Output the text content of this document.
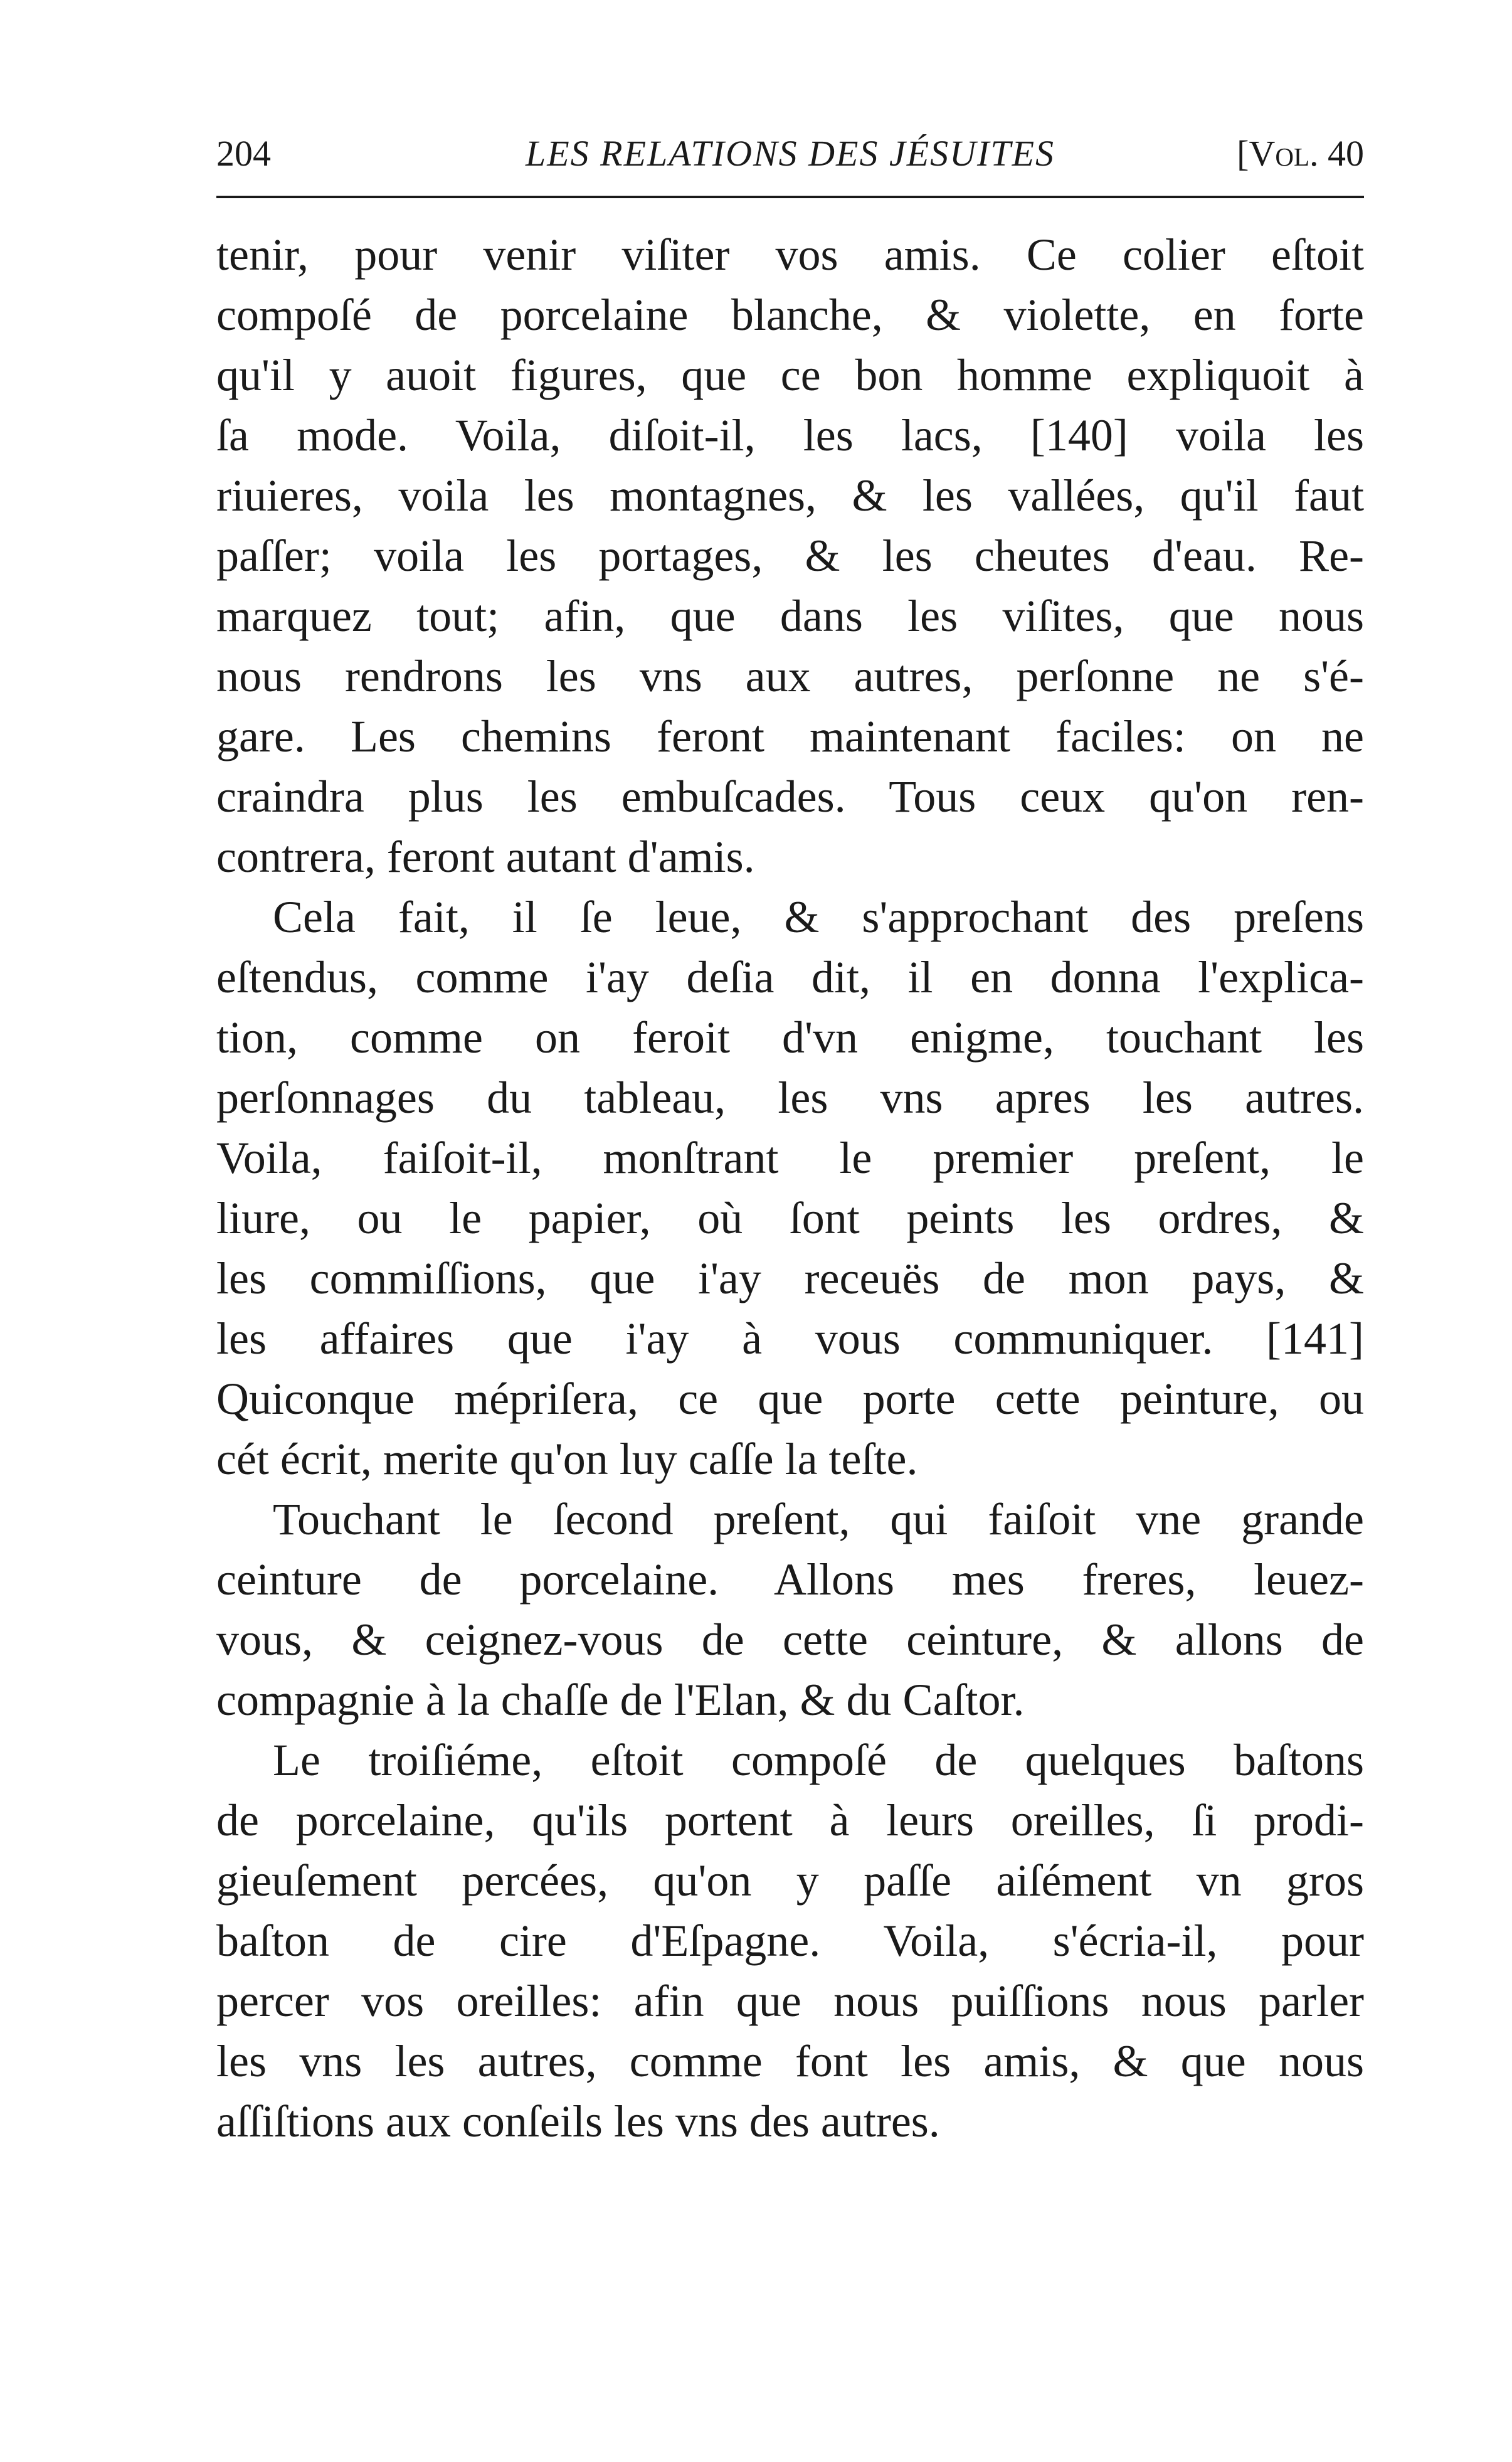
204	LES RELATIONS DES JÉSUITES	[Vol. 40
tenir, pour venir viſiter vos amis. Ce colier eſtoit
compoſé de porcelaine blanche, & violette, en forte
qu'il y auoit figures, que ce bon homme expliquoit à
ſa mode. Voila, diſoit-il, les lacs, [140] voila les
riuieres, voila les montagnes, & les vallées, qu'il faut
paſſer; voila les portages, & les cheutes d'eau. Re-
marquez tout; afin, que dans les viſites, que nous
nous rendrons les vns aux autres, perſonne ne s'é-
gare. Les chemins feront maintenant faciles: on ne
craindra plus les embuſcades. Tous ceux qu'on ren-
contrera, feront autant d'amis.
Cela fait, il ſe leue, & s'approchant des preſens
eſtendus, comme i'ay deſia dit, il en donna l'explica-
tion, comme on feroit d'vn enigme, touchant les
perſonnages du tableau, les vns apres les autres.
Voila, faiſoit-il, monſtrant le premier preſent, le
liure, ou le papier, où ſont peints les ordres, &
les commiſſions, que i'ay receuës de mon pays, &
les affaires que i'ay à vous communiquer. [141]
Quiconque mépriſera, ce que porte cette peinture, ou
cét écrit, merite qu'on luy caſſe la teſte.
Touchant le ſecond preſent, qui faiſoit vne grande
ceinture de porcelaine. Allons mes freres, leuez-
vous, & ceignez-vous de cette ceinture, & allons de
compagnie à la chaſſe de l'Elan, & du Caſtor.
Le troiſiéme, eſtoit compoſé de quelques baſtons
de porcelaine, qu'ils portent à leurs oreilles, ſi prodi-
gieuſement percées, qu'on y paſſe aiſément vn gros
baſton de cire d'Eſpagne. Voila, s'écria-il, pour
percer vos oreilles: afin que nous puiſſions nous parler
les vns les autres, comme font les amis, & que nous
aſſiſtions aux conſeils les vns des autres.
